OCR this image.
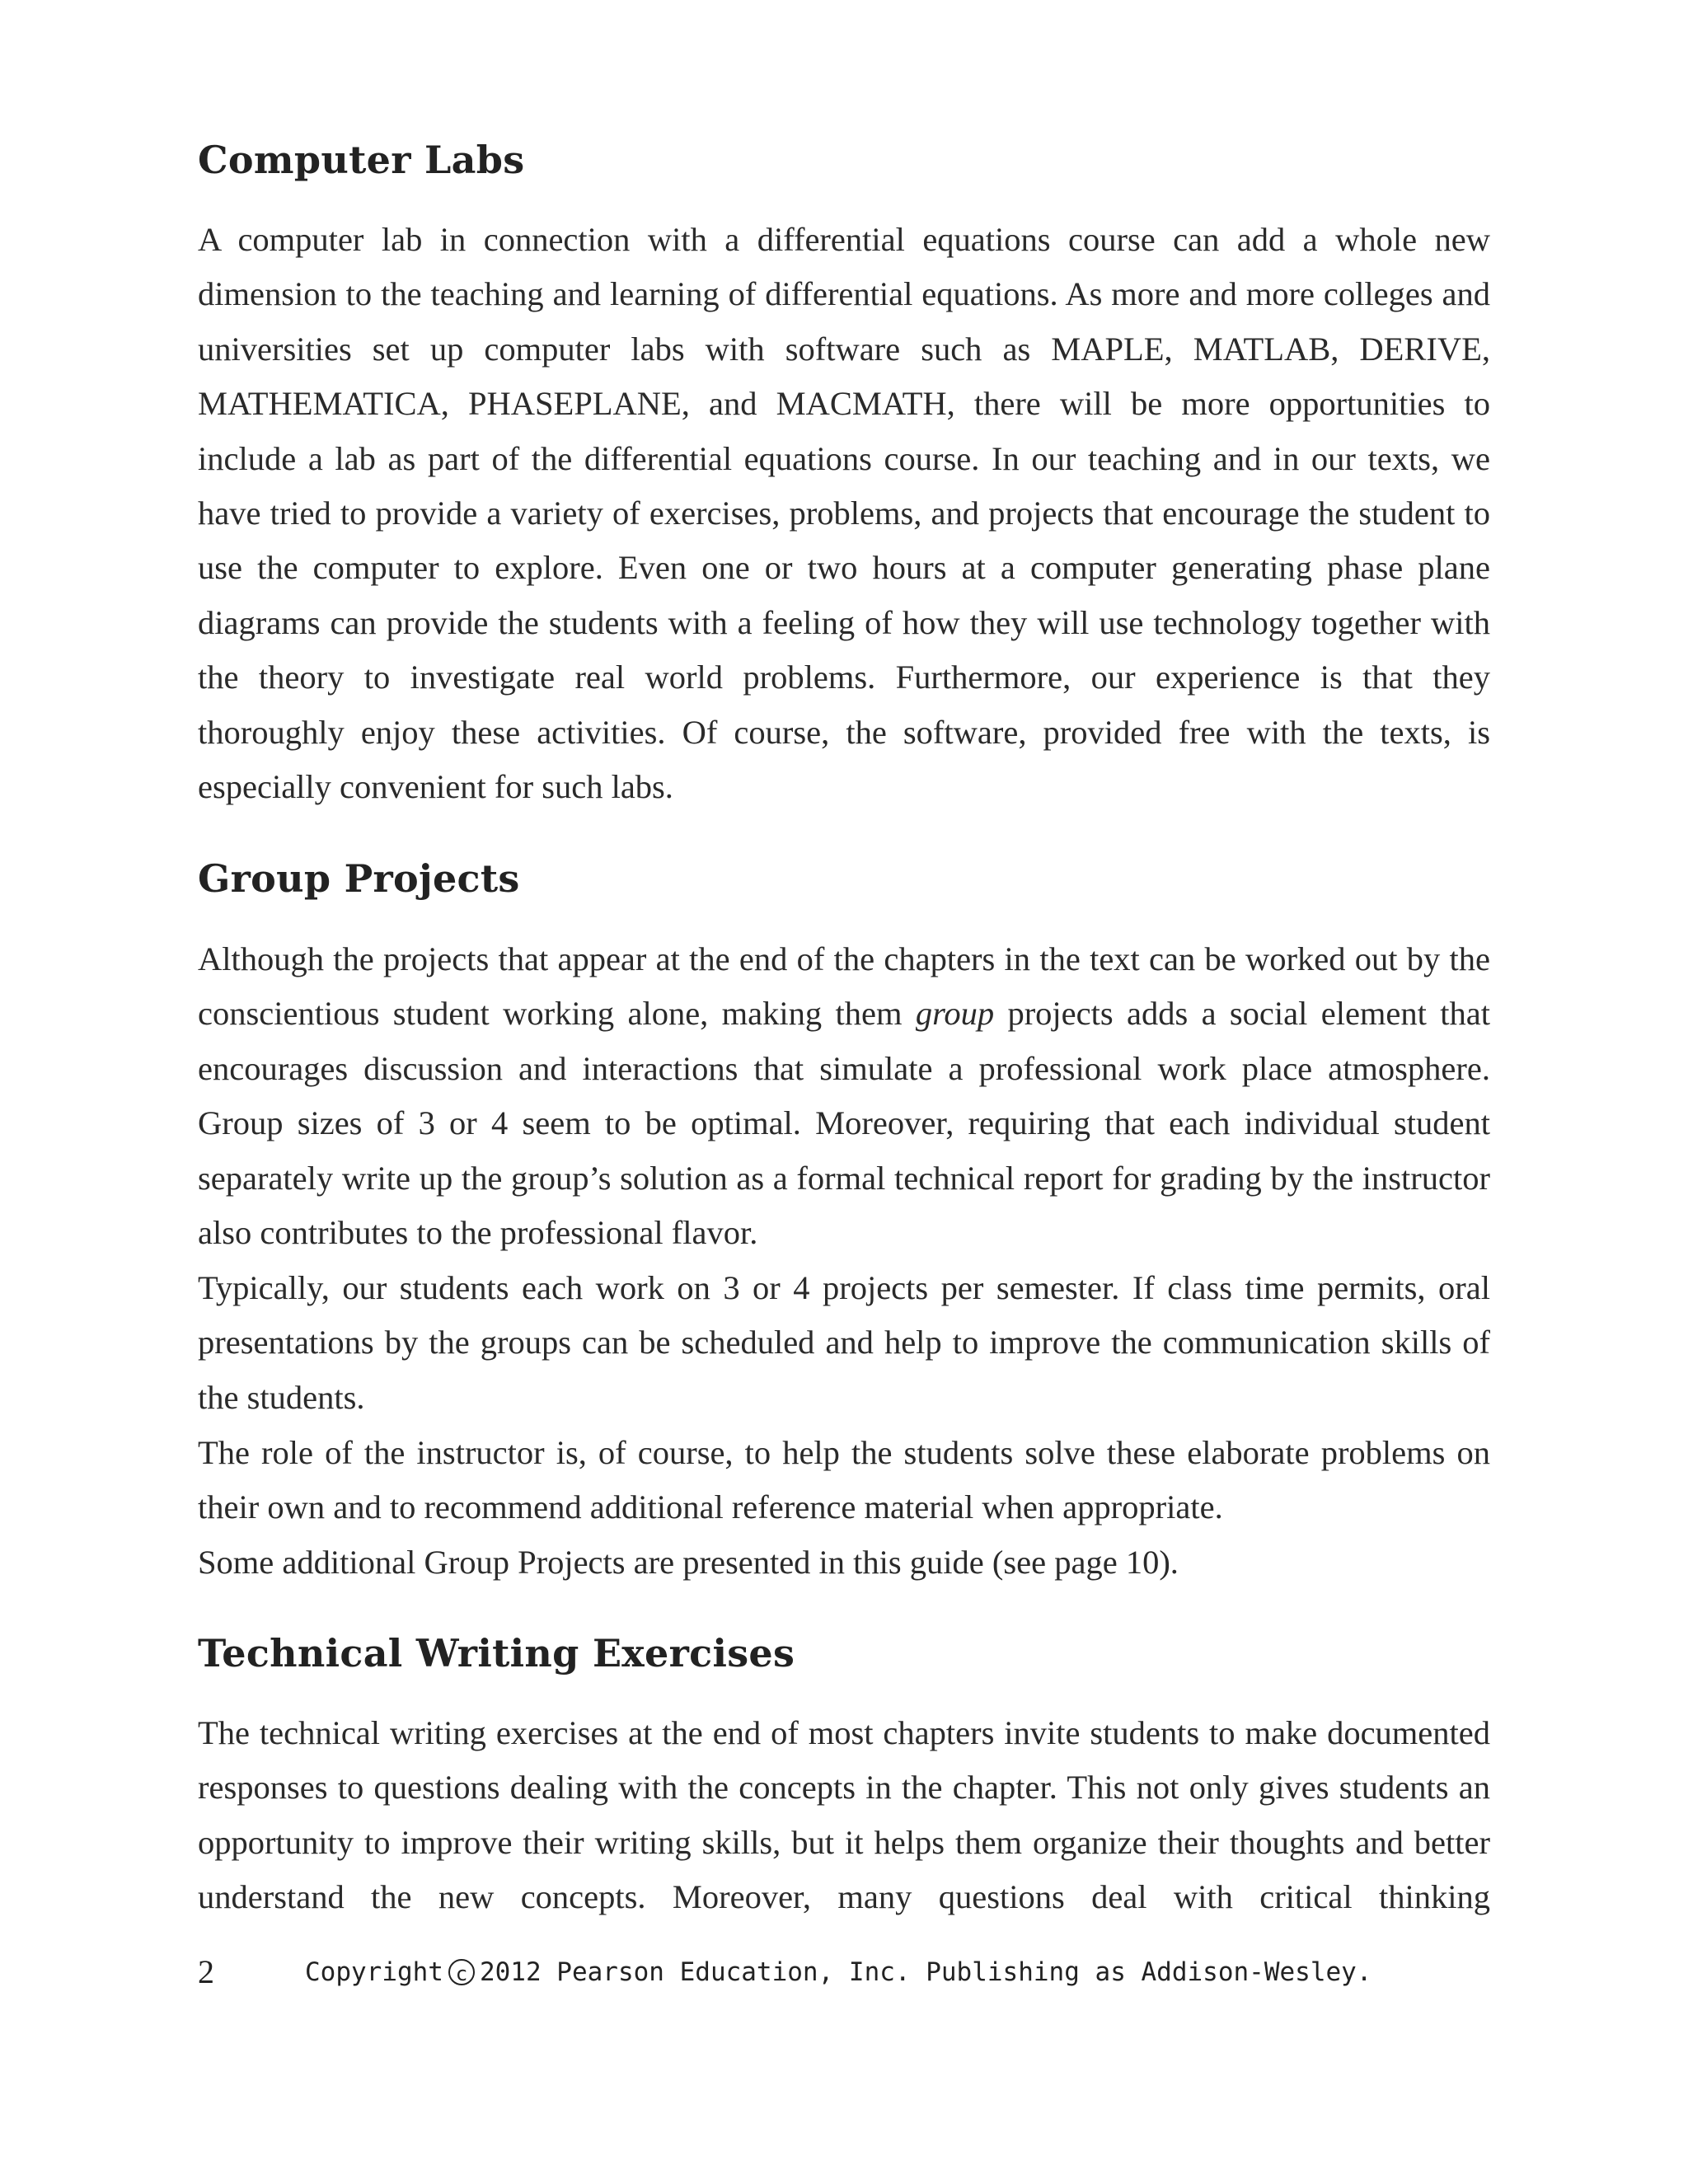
Computer Labs

A computer lab in connection with a differential equations course can add a whole new dimension to the teaching and learning of differential equations. As more and more colleges and universities set up computer labs with software such as MAPLE, MATLAB, DERIVE, MATHEMATICA, PHASEPLANE, and MACMATH, there will be more opportunities to include a lab as part of the differential equations course. In our teaching and in our texts, we have tried to provide a variety of exercises, problems, and projects that encourage the student to use the computer to explore. Even one or two hours at a computer generating phase plane diagrams can provide the students with a feeling of how they will use technology together with the theory to investigate real world problems. Furthermore, our experience is that they thoroughly enjoy these activities. Of course, the software, provided free with the texts, is especially convenient for such labs.

Group Projects

Although the projects that appear at the end of the chapters in the text can be worked out by the conscientious student working alone, making them group projects adds a social element that encourages discussion and interactions that simulate a professional work place atmosphere. Group sizes of 3 or 4 seem to be optimal. Moreover, requiring that each individual student separately write up the group’s solution as a formal technical report for grading by the instructor also contributes to the professional flavor.

Typically, our students each work on 3 or 4 projects per semester. If class time permits, oral presentations by the groups can be scheduled and help to improve the communication skills of the students.

The role of the instructor is, of course, to help the students solve these elaborate problems on their own and to recommend additional reference material when appropriate.

Some additional Group Projects are presented in this guide (see page 10).

Technical Writing Exercises

The technical writing exercises at the end of most chapters invite students to make documented responses to questions dealing with the concepts in the chapter. This not only gives students an opportunity to improve their writing skills, but it helps them organize their thoughts and better understand the new concepts. Moreover, many questions deal with critical thinking

2	Copyright c 2012 Pearson Education, Inc. Publishing as Addison-Wesley.
